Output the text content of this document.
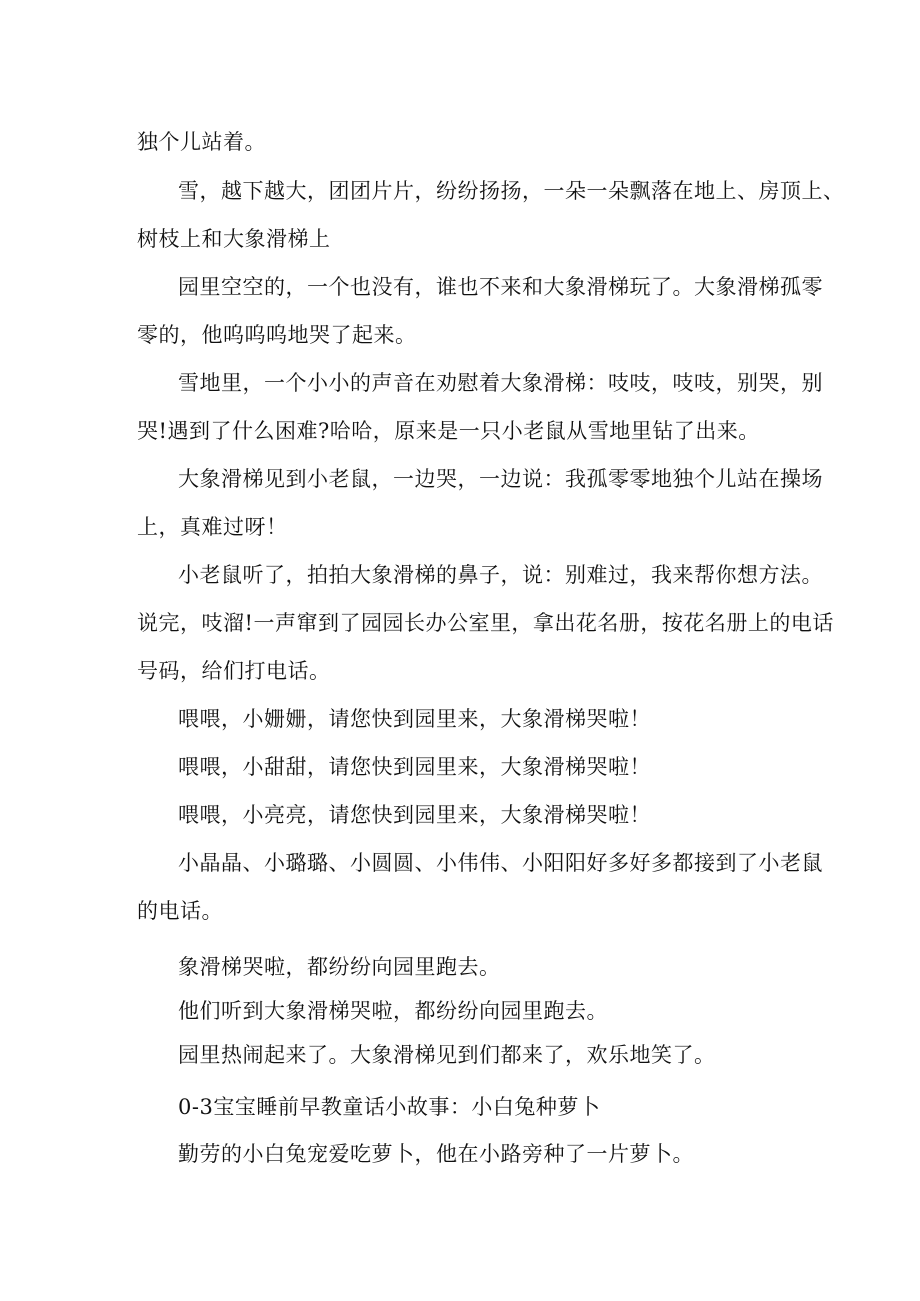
独个儿站着。
雪，越下越大，团团片片，纷纷扬扬，一朵一朵飘落在地上、房顶上、
树枝上和大象滑梯上
园里空空的，一个也没有，谁也不来和大象滑梯玩了。大象滑梯孤零
零的，他呜呜呜地哭了起来。
雪地里，一个小小的声音在劝慰着大象滑梯：吱吱，吱吱，别哭，别
哭!遇到了什么困难?哈哈，原来是一只小老鼠从雪地里钻了出来。
大象滑梯见到小老鼠，一边哭，一边说：我孤零零地独个儿站在操场
上，真难过呀！
小老鼠听了，拍拍大象滑梯的鼻子，说：别难过，我来帮你想方法。
说完，吱溜!一声窜到了园园长办公室里，拿出花名册，按花名册上的电话
号码，给们打电话。
喂喂，小姗姗，请您快到园里来，大象滑梯哭啦！
喂喂，小甜甜，请您快到园里来，大象滑梯哭啦！
喂喂，小亮亮，请您快到园里来，大象滑梯哭啦！
小晶晶、小璐璐、小圆圆、小伟伟、小阳阳好多好多都接到了小老鼠
的电话。
象滑梯哭啦，都纷纷向园里跑去。
他们听到大象滑梯哭啦，都纷纷向园里跑去。
园里热闹起来了。大象滑梯见到们都来了，欢乐地笑了。
0-3宝宝睡前早教童话小故事：小白兔种萝卜
勤劳的小白兔宠爱吃萝卜，他在小路旁种了一片萝卜。
